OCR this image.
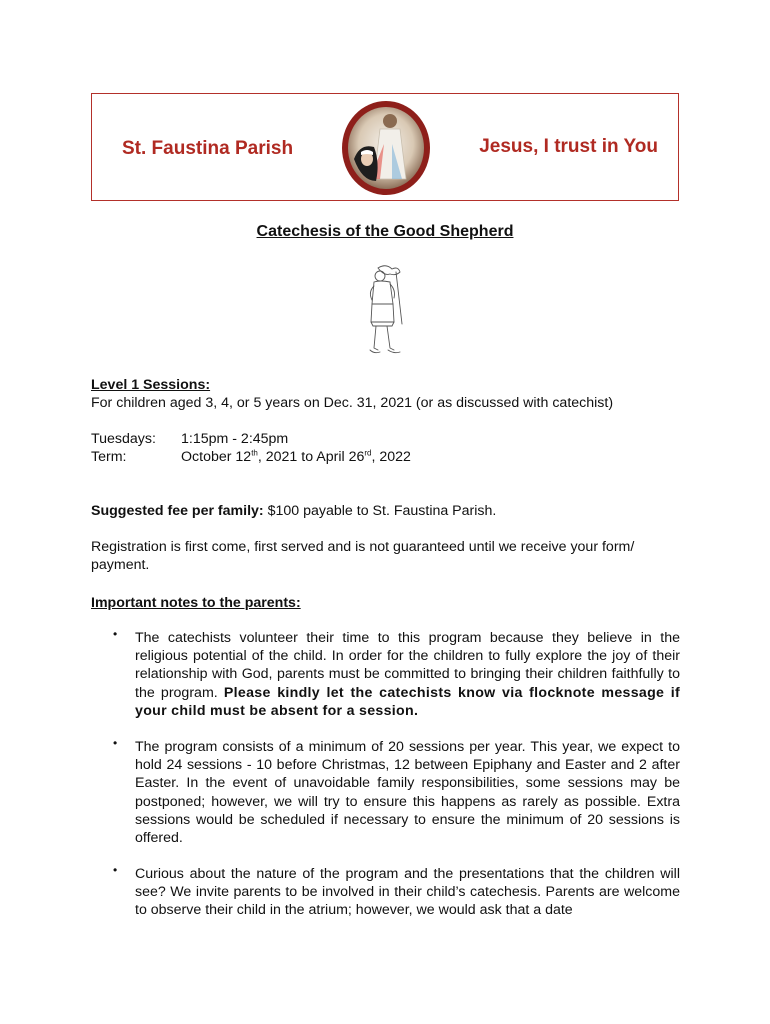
St. Faustina Parish	Jesus, I trust in You
Catechesis of the Good Shepherd
Level 1 Sessions:
For children aged 3, 4, or 5 years on Dec. 31, 2021 (or as discussed with catechist)
Tuesdays:	1:15pm - 2:45pm
Term:	October 12th, 2021 to April 26rd, 2022
Suggested fee per family: $100 payable to St. Faustina Parish.
Registration is first come, first served and is not guaranteed until we receive your form/ payment.
Important notes to the parents:
• The catechists volunteer their time to this program because they believe in the religious potential of the child. In order for the children to fully explore the joy of their relationship with God, parents must be committed to bringing their children faithfully to the program. Please kindly let the catechists know via flocknote message if your child must be absent for a session.
• The program consists of a minimum of 20 sessions per year. This year, we expect to hold 24 sessions - 10 before Christmas, 12 between Epiphany and Easter and 2 after Easter. In the event of unavoidable family responsibilities, some sessions may be postponed; however, we will try to ensure this happens as rarely as possible. Extra sessions would be scheduled if necessary to ensure the minimum of 20 sessions is offered.
• Curious about the nature of the program and the presentations that the children will see? We invite parents to be involved in their child’s catechesis. Parents are welcome to observe their child in the atrium; however, we would ask that a date
